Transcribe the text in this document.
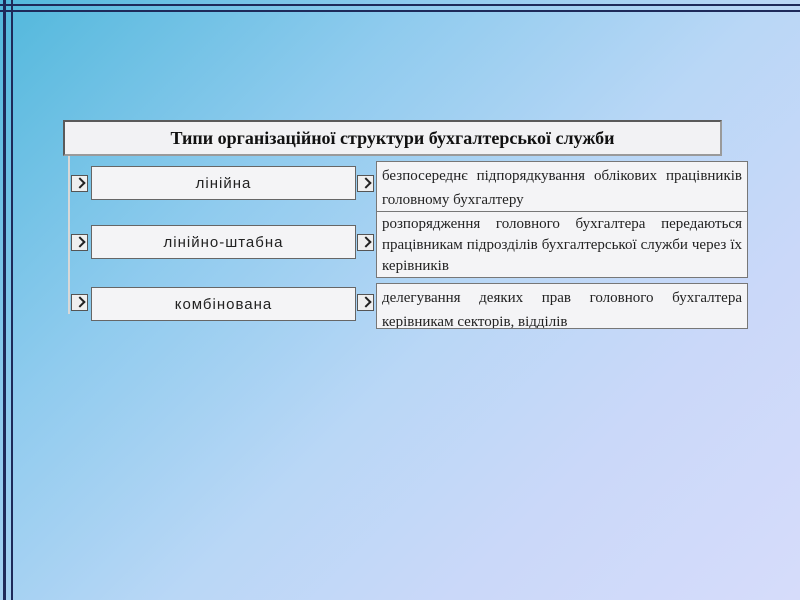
Типи організаційної структури бухгалтерської служби
лінійна	безпосереднє підпорядкування облікових працівників головному бухгалтеру
лінійно-штабна
розпорядження головного бухгалтера передаються працівникам підрозділів бухгалтерської служби через їх керівників
комбінована	делегування деяких прав головного бухгалтера керівникам секторів, відділів
